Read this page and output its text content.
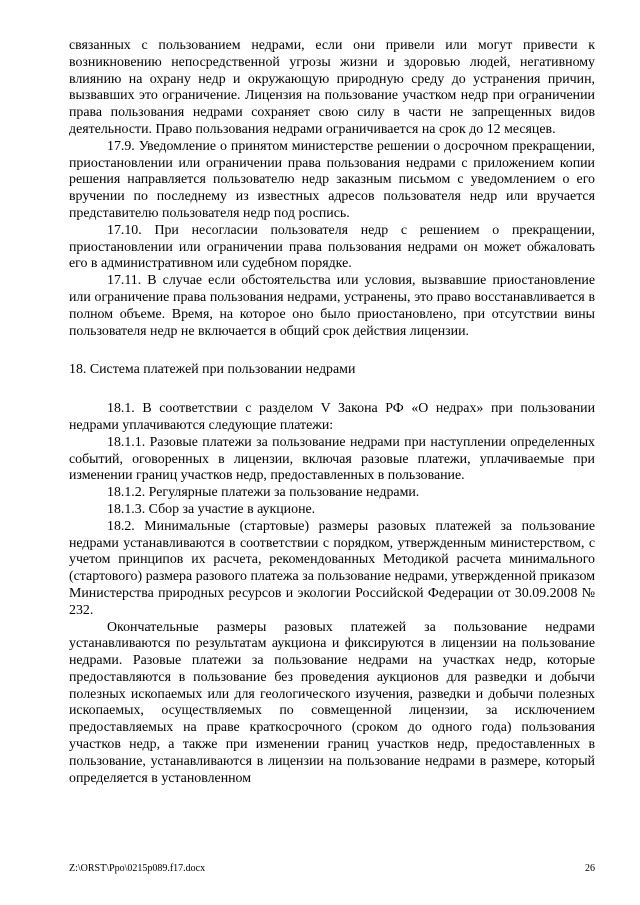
связанных с пользованием недрами, если они привели или могут привести к возникновению непосредственной угрозы жизни и здоровью людей, негативному влиянию на охрану недр и окружающую природную среду до устранения причин, вызвавших это ограничение. Лицензия на пользование участком недр при ограничении права пользования недрами сохраняет свою силу в части не запрещенных видов деятельности. Право пользования недрами ограничивается на срок до 12 месяцев.

17.9. Уведомление о принятом министерстве решении о досрочном прекращении, приостановлении или ограничении права пользования недрами с приложением копии решения направляется пользователю недр заказным письмом с уведомлением о его вручении по последнему из известных адресов пользователя недр или вручается представителю пользователя недр под роспись.

17.10. При несогласии пользователя недр с решением о прекращении, приостановлении или ограничении права пользования недрами он может обжаловать его в административном или судебном порядке.

17.11. В случае если обстоятельства или условия, вызвавшие приостановление или ограничение права пользования недрами, устранены, это право восстанавливается в полном объеме. Время, на которое оно было приостановлено, при отсутствии вины пользователя недр не включается в общий срок действия лицензии.

18. Система платежей при пользовании недрами

18.1. В соответствии с разделом V Закона РФ «О недрах» при пользовании недрами уплачиваются следующие платежи:

18.1.1. Разовые платежи за пользование недрами при наступлении определенных событий, оговоренных в лицензии, включая разовые платежи, уплачиваемые при изменении границ участков недр, предоставленных в пользование.

18.1.2. Регулярные платежи за пользование недрами.

18.1.3. Сбор за участие в аукционе.

18.2. Минимальные (стартовые) размеры разовых платежей за пользование недрами устанавливаются в соответствии с порядком, утвержденным министерством, с учетом принципов их расчета, рекомендованных Методикой расчета минимального (стартового) размера разового платежа за пользование недрами, утвержденной приказом Министерства природных ресурсов и экологии Российской Федерации от 30.09.2008 № 232.

Окончательные размеры разовых платежей за пользование недрами устанавливаются по результатам аукциона и фиксируются в лицензии на пользование недрами. Разовые платежи за пользование недрами на участках недр, которые предоставляются в пользование без проведения аукционов для разведки и добычи полезных ископаемых или для геологического изучения, разведки и добычи полезных ископаемых, осуществляемых по совмещенной лицензии, за исключением предоставляемых на праве краткосрочного (сроком до одного года) пользования участков недр, а также при изменении границ участков недр, предоставленных в пользование, устанавливаются в лицензии на пользование недрами в размере, который определяется в установленном

Z:\ORST\Ppo\0215p089.f17.docx	26
